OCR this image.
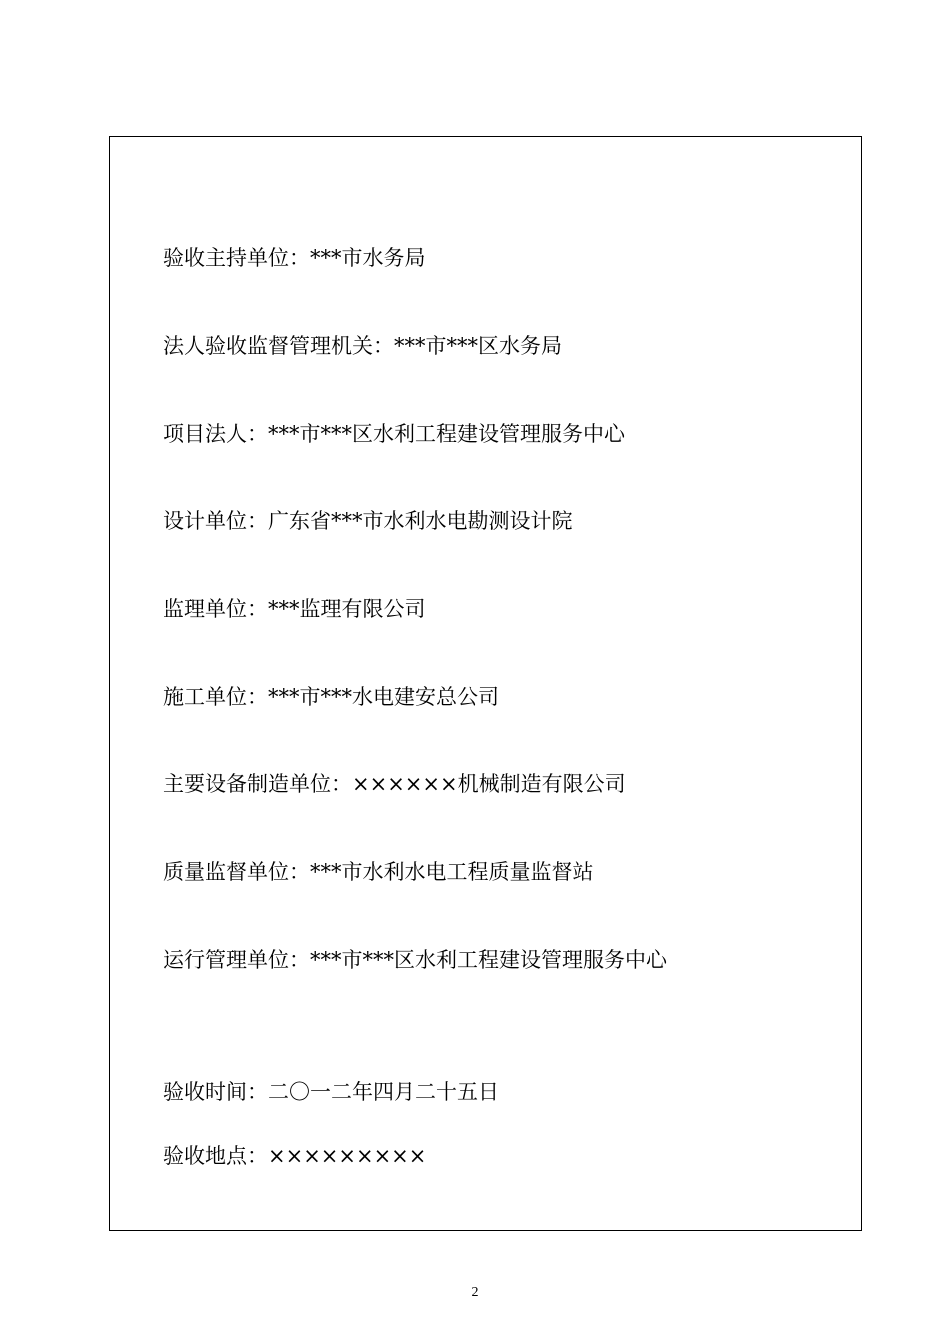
验收主持单位：***市水务局
法人验收监督管理机关：***市***区水务局
项目法人：***市***区水利工程建设管理服务中心
设计单位：广东省***市水利水电勘测设计院
监理单位：***监理有限公司
施工单位：***市***水电建安总公司
主要设备制造单位：××××××机械制造有限公司
质量监督单位：***市水利水电工程质量监督站
运行管理单位：***市***区水利工程建设管理服务中心
验收时间：二〇一二年四月二十五日
验收地点：×××××××××
2
